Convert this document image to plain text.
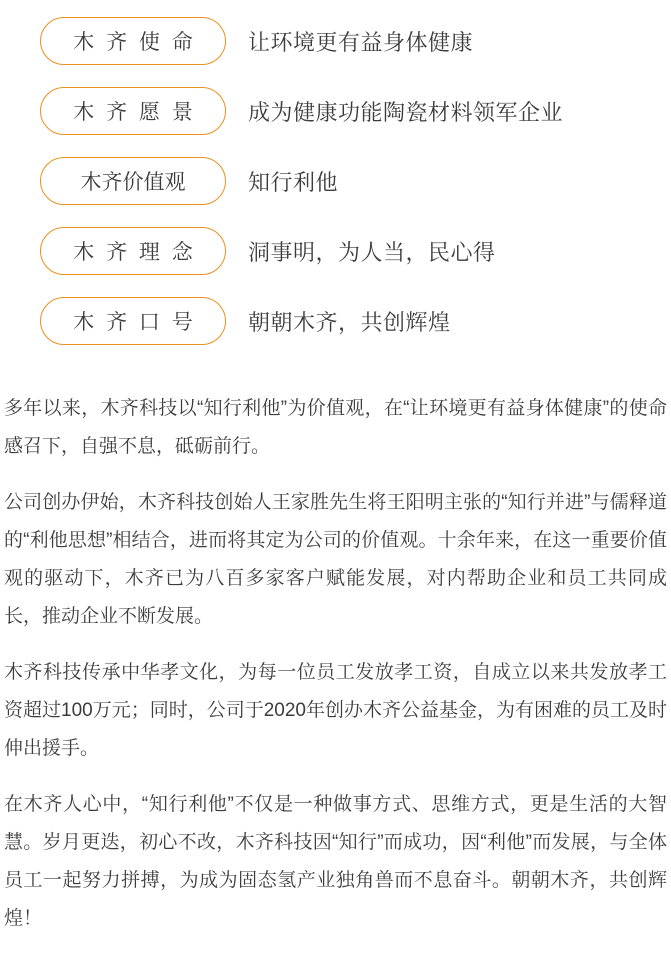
木 齐 使 命	让环境更有益身体健康
木 齐 愿 景	成为健康功能陶瓷材料领军企业
木齐价值观	知行利他
木 齐 理 念	洞事明，为人当，民心得
木 齐 口 号	朝朝木齐，共创辉煌

多年以来，木齐科技以“知行利他”为价值观，在“让环境更有益身体健康”的使命感召下，自强不息，砥砺前行。

公司创办伊始，木齐科技创始人王家胜先生将王阳明主张的“知行并进”与儒释道的“利他思想”相结合，进而将其定为公司的价值观。十余年来，在这一重要价值观的驱动下，木齐已为八百多家客户赋能发展，对内帮助企业和员工共同成长，推动企业不断发展。

木齐科技传承中华孝文化，为每一位员工发放孝工资，自成立以来共发放孝工资超过100万元；同时，公司于2020年创办木齐公益基金，为有困难的员工及时伸出援手。

在木齐人心中，“知行利他”不仅是一种做事方式、思维方式，更是生活的大智慧。岁月更迭，初心不改，木齐科技因“知行”而成功，因“利他”而发展，与全体员工一起努力拼搏，为成为固态氢产业独角兽而不息奋斗。朝朝木齐，共创辉煌！
